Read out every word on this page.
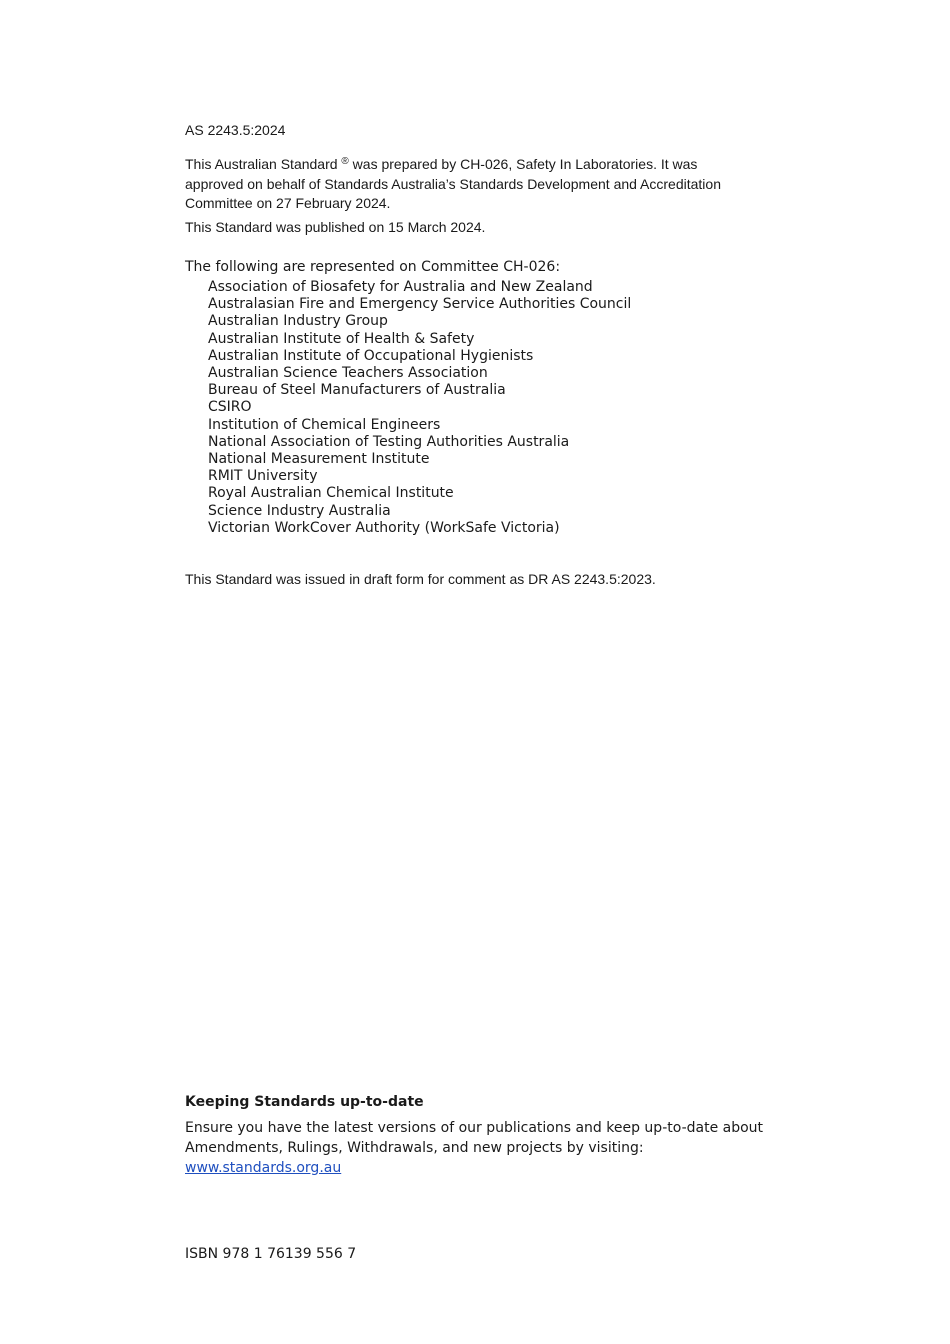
AS 2243.5:2024
This Australian Standard ® was prepared by CH-026, Safety In Laboratories. It was approved on behalf of Standards Australia’s Standards Development and Accreditation Committee on 27 February 2024.
This Standard was published on 15 March 2024.
The following are represented on Committee CH-026:
Association of Biosafety for Australia and New Zealand
Australasian Fire and Emergency Service Authorities Council
Australian Industry Group
Australian Institute of Health & Safety
Australian Institute of Occupational Hygienists
Australian Science Teachers Association
Bureau of Steel Manufacturers of Australia
CSIRO
Institution of Chemical Engineers
National Association of Testing Authorities Australia
National Measurement Institute
RMIT University
Royal Australian Chemical Institute
Science Industry Australia
Victorian WorkCover Authority (WorkSafe Victoria)
This Standard was issued in draft form for comment as DR AS 2243.5:2023.
Keeping Standards up-to-date
Ensure you have the latest versions of our publications and keep up-to-date about Amendments, Rulings, Withdrawals, and new projects by visiting:
www.standards.org.au
ISBN 978 1 76139 556 7
